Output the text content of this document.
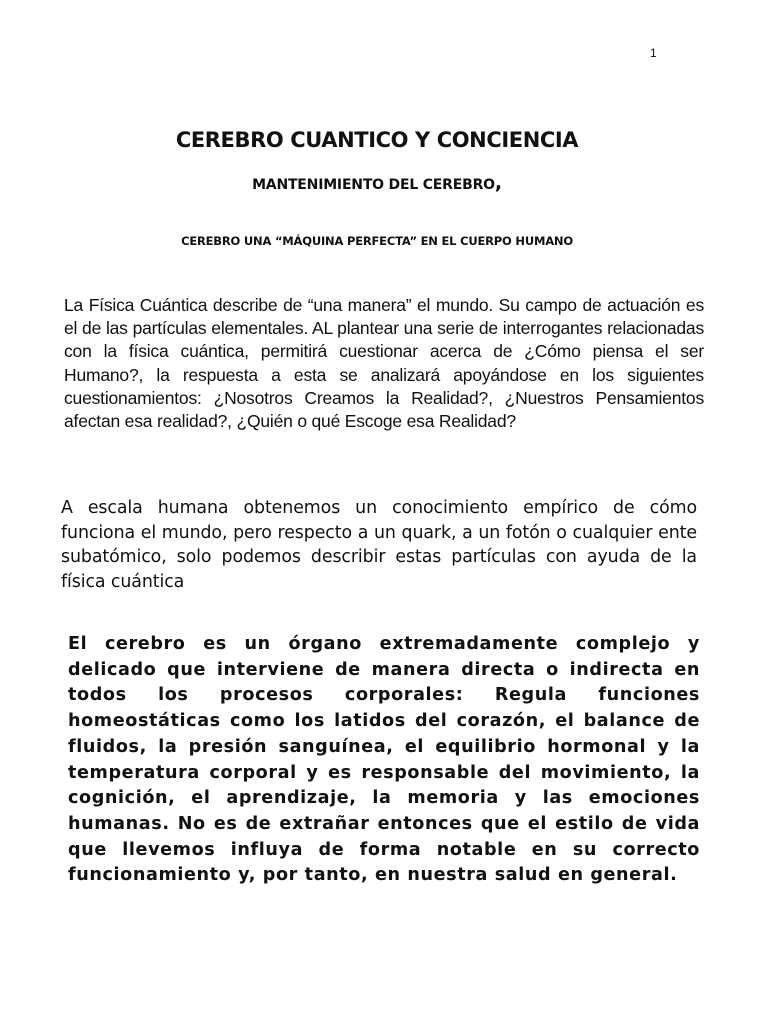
1
CEREBRO CUANTICO Y CONCIENCIA
MANTENIMIENTO DEL CEREBRO,
CEREBRO UNA “MÁQUINA PERFECTA” EN EL CUERPO HUMANO

La Física Cuántica describe de “una manera” el mundo. Su campo de actuación es el de las partículas elementales. AL plantear una serie de interrogantes relacionadas con la física cuántica, permitirá cuestionar acerca de ¿Cómo piensa el ser Humano?, la respuesta a esta se analizará apoyándose en los siguientes cuestionamientos: ¿Nosotros Creamos la Realidad?, ¿Nuestros Pensamientos afectan esa realidad?, ¿Quién o qué Escoge esa Realidad?

A escala humana obtenemos un conocimiento empírico de cómo funciona el mundo, pero respecto a un quark, a un fotón o cualquier ente subatómico, solo podemos describir estas partículas con ayuda de la física cuántica

El cerebro es un órgano extremadamente complejo y delicado que interviene de manera directa o indirecta en todos los procesos corporales: Regula funciones homeostáticas como los latidos del corazón, el balance de fluidos, la presión sanguínea, el equilibrio hormonal y la temperatura corporal y es responsable del movimiento, la cognición, el aprendizaje, la memoria y las emociones humanas. No es de extrañar entonces que el estilo de vida que llevemos influya de forma notable en su correcto funcionamiento y, por tanto, en nuestra salud en general.
